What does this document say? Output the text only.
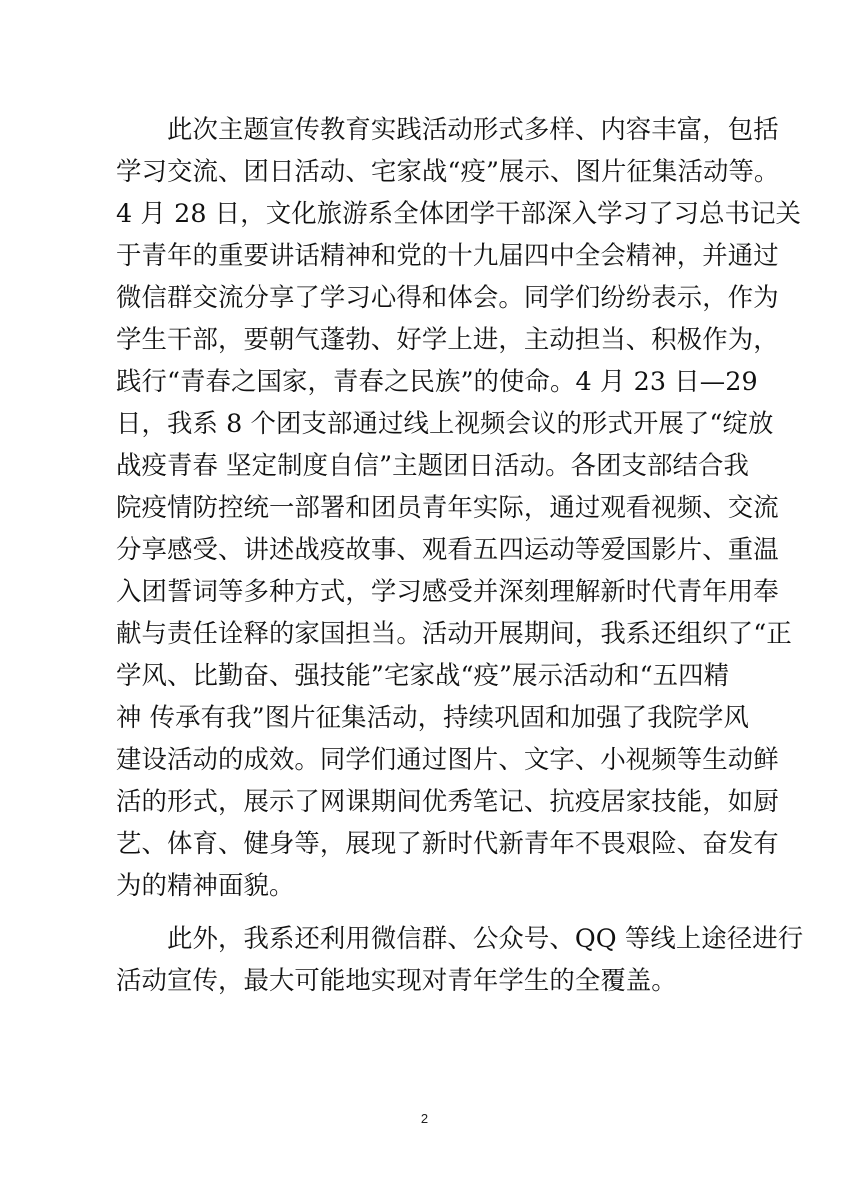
　　此次主题宣传教育实践活动形式多样、内容丰富，包括
学习交流、团日活动、宅家战“疫”展示、图片征集活动等。
4 月 28 日，文化旅游系全体团学干部深入学习了习总书记关
于青年的重要讲话精神和党的十九届四中全会精神，并通过
微信群交流分享了学习心得和体会。同学们纷纷表示，作为
学生干部，要朝气蓬勃、好学上进，主动担当、积极作为，
践行“青春之国家，青春之民族”的使命。4 月 23 日—29
日，我系 8 个团支部通过线上视频会议的形式开展了“绽放
战疫青春 坚定制度自信”主题团日活动。各团支部结合我
院疫情防控统一部署和团员青年实际，通过观看视频、交流
分享感受、讲述战疫故事、观看五四运动等爱国影片、重温
入团誓词等多种方式，学习感受并深刻理解新时代青年用奉
献与责任诠释的家国担当。活动开展期间，我系还组织了“正
学风、比勤奋、强技能”宅家战“疫”展示活动和“五四精
神 传承有我”图片征集活动，持续巩固和加强了我院学风
建设活动的成效。同学们通过图片、文字、小视频等生动鲜
活的形式，展示了网课期间优秀笔记、抗疫居家技能，如厨
艺、体育、健身等，展现了新时代新青年不畏艰险、奋发有
为的精神面貌。
　　此外，我系还利用微信群、公众号、QQ 等线上途径进行
活动宣传，最大可能地实现对青年学生的全覆盖。
2
